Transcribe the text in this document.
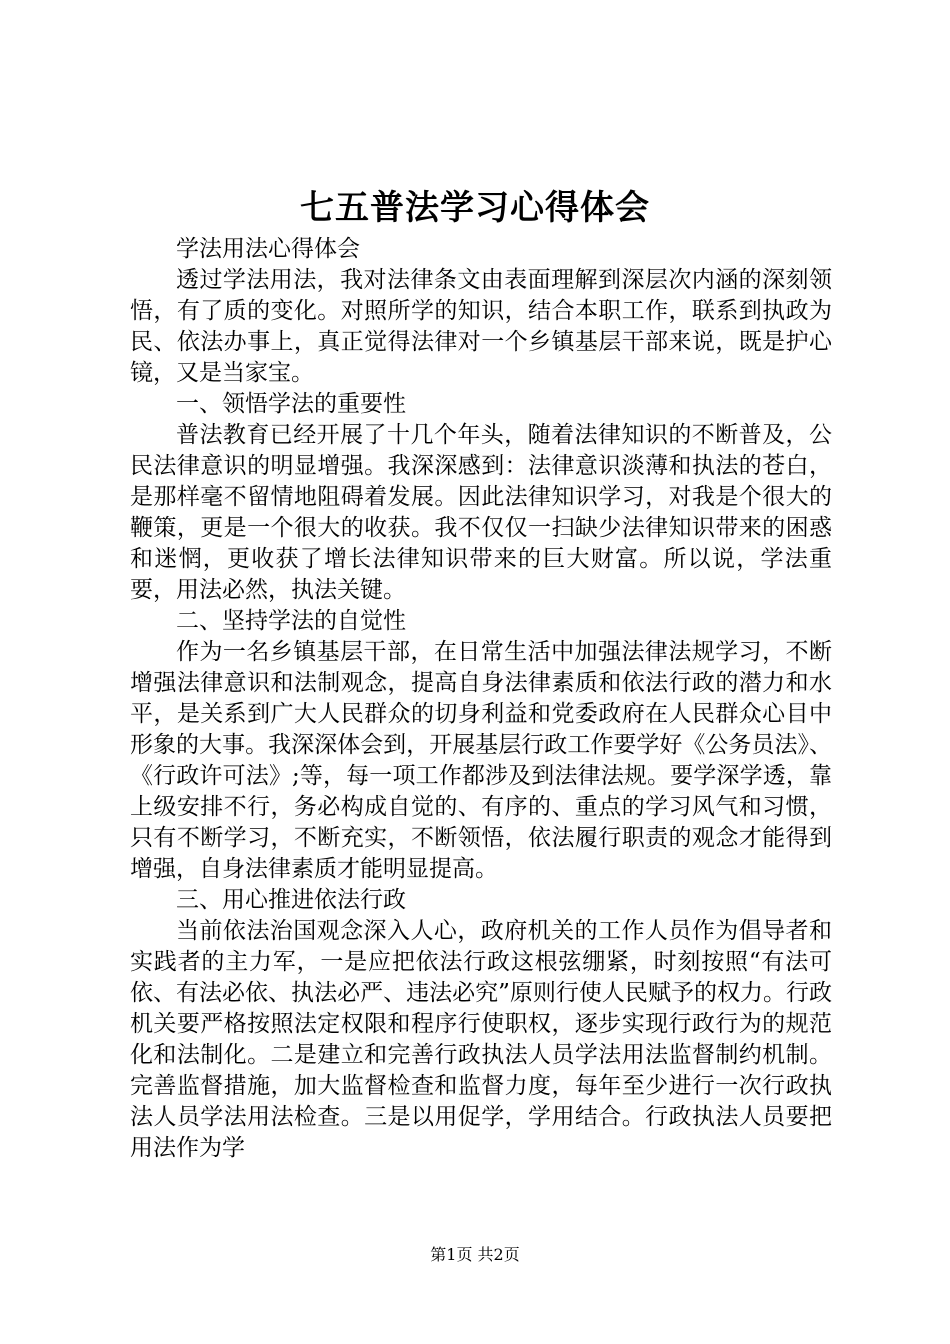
七五普法学习心得体会

学法用法心得体会

透过学法用法，我对法律条文由表面理解到深层次内涵的深刻领悟，有了质的变化。对照所学的知识，结合本职工作，联系到执政为民、依法办事上，真正觉得法律对一个乡镇基层干部来说，既是护心镜，又是当家宝。

一、领悟学法的重要性

普法教育已经开展了十几个年头，随着法律知识的不断普及，公民法律意识的明显增强。我深深感到：法律意识淡薄和执法的苍白，是那样毫不留情地阻碍着发展。因此法律知识学习，对我是个很大的鞭策，更是一个很大的收获。我不仅仅一扫缺少法律知识带来的困惑和迷惘，更收获了增长法律知识带来的巨大财富。所以说，学法重要，用法必然，执法关键。

二、坚持学法的自觉性

作为一名乡镇基层干部，在日常生活中加强法律法规学习，不断增强法律意识和法制观念，提高自身法律素质和依法行政的潜力和水平，是关系到广大人民群众的切身利益和党委政府在人民群众心目中形象的大事。我深深体会到，开展基层行政工作要学好《公务员法》、《行政许可法》;等，每一项工作都涉及到法律法规。要学深学透，靠上级安排不行，务必构成自觉的、有序的、重点的学习风气和习惯，只有不断学习，不断充实，不断领悟，依法履行职责的观念才能得到增强，自身法律素质才能明显提高。

三、用心推进依法行政

当前依法治国观念深入人心，政府机关的工作人员作为倡导者和实践者的主力军，一是应把依法行政这根弦绷紧，时刻按照“有法可依、有法必依、执法必严、违法必究”原则行使人民赋予的权力。行政机关要严格按照法定权限和程序行使职权，逐步实现行政行为的规范化和法制化。二是建立和完善行政执法人员学法用法监督制约机制。完善监督措施，加大监督检查和监督力度，每年至少进行一次行政执法人员学法用法检查。三是以用促学，学用结合。行政执法人员要把用法作为学

第1页 共2页
